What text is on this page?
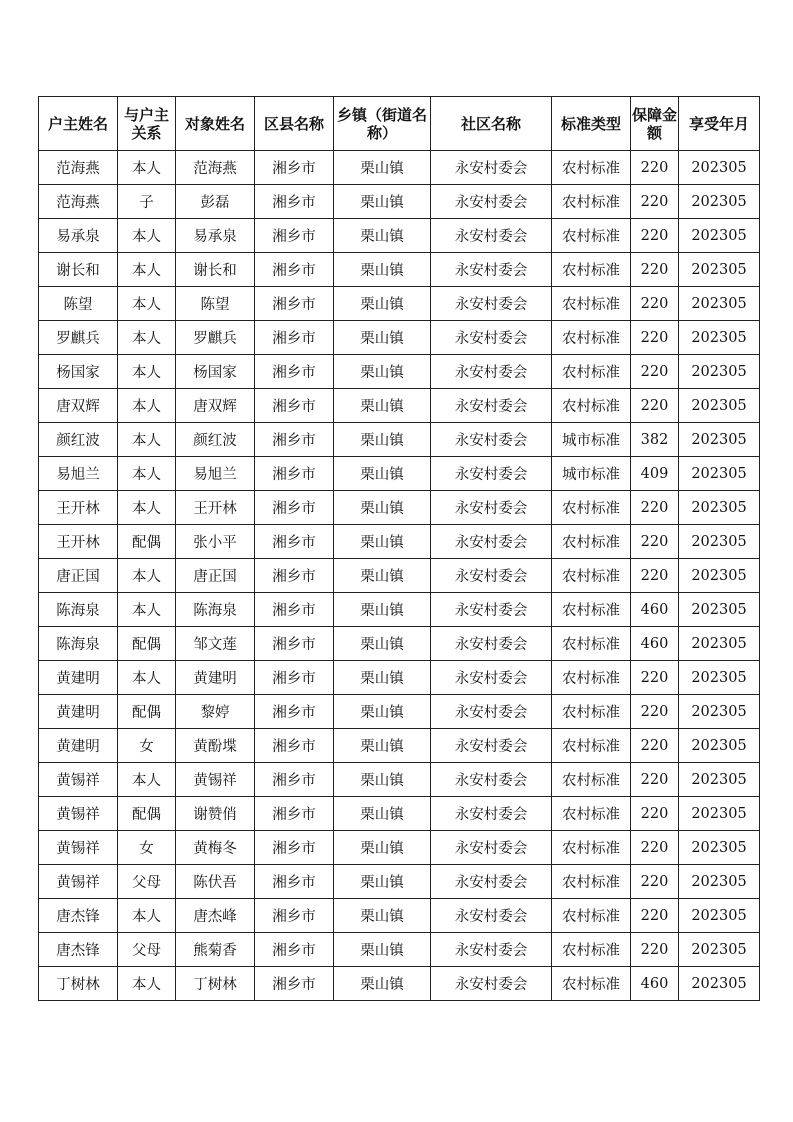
户主姓名	与户主关系	对象姓名	区县名称	乡镇（街道名称）	社区名称	标准类型	保障金额	享受年月
范海燕	本人	范海燕	湘乡市	栗山镇	永安村委会	农村标准	220	202305
范海燕	子	彭磊	湘乡市	栗山镇	永安村委会	农村标准	220	202305
易承泉	本人	易承泉	湘乡市	栗山镇	永安村委会	农村标准	220	202305
谢长和	本人	谢长和	湘乡市	栗山镇	永安村委会	农村标准	220	202305
陈望	本人	陈望	湘乡市	栗山镇	永安村委会	农村标准	220	202305
罗麒兵	本人	罗麒兵	湘乡市	栗山镇	永安村委会	农村标准	220	202305
杨国家	本人	杨国家	湘乡市	栗山镇	永安村委会	农村标准	220	202305
唐双辉	本人	唐双辉	湘乡市	栗山镇	永安村委会	农村标准	220	202305
颜红波	本人	颜红波	湘乡市	栗山镇	永安村委会	城市标准	382	202305
易旭兰	本人	易旭兰	湘乡市	栗山镇	永安村委会	城市标准	409	202305
王开林	本人	王开林	湘乡市	栗山镇	永安村委会	农村标准	220	202305
王开林	配偶	张小平	湘乡市	栗山镇	永安村委会	农村标准	220	202305
唐正国	本人	唐正国	湘乡市	栗山镇	永安村委会	农村标准	220	202305
陈海泉	本人	陈海泉	湘乡市	栗山镇	永安村委会	农村标准	460	202305
陈海泉	配偶	邹文莲	湘乡市	栗山镇	永安村委会	农村标准	460	202305
黄建明	本人	黄建明	湘乡市	栗山镇	永安村委会	农村标准	220	202305
黄建明	配偶	黎婷	湘乡市	栗山镇	永安村委会	农村标准	220	202305
黄建明	女	黄酚堞	湘乡市	栗山镇	永安村委会	农村标准	220	202305
黄锡祥	本人	黄锡祥	湘乡市	栗山镇	永安村委会	农村标准	220	202305
黄锡祥	配偶	谢赞俏	湘乡市	栗山镇	永安村委会	农村标准	220	202305
黄锡祥	女	黄梅冬	湘乡市	栗山镇	永安村委会	农村标准	220	202305
黄锡祥	父母	陈伏吾	湘乡市	栗山镇	永安村委会	农村标准	220	202305
唐杰锋	本人	唐杰峰	湘乡市	栗山镇	永安村委会	农村标准	220	202305
唐杰锋	父母	熊菊香	湘乡市	栗山镇	永安村委会	农村标准	220	202305
丁树林	本人	丁树林	湘乡市	栗山镇	永安村委会	农村标准	460	202305
